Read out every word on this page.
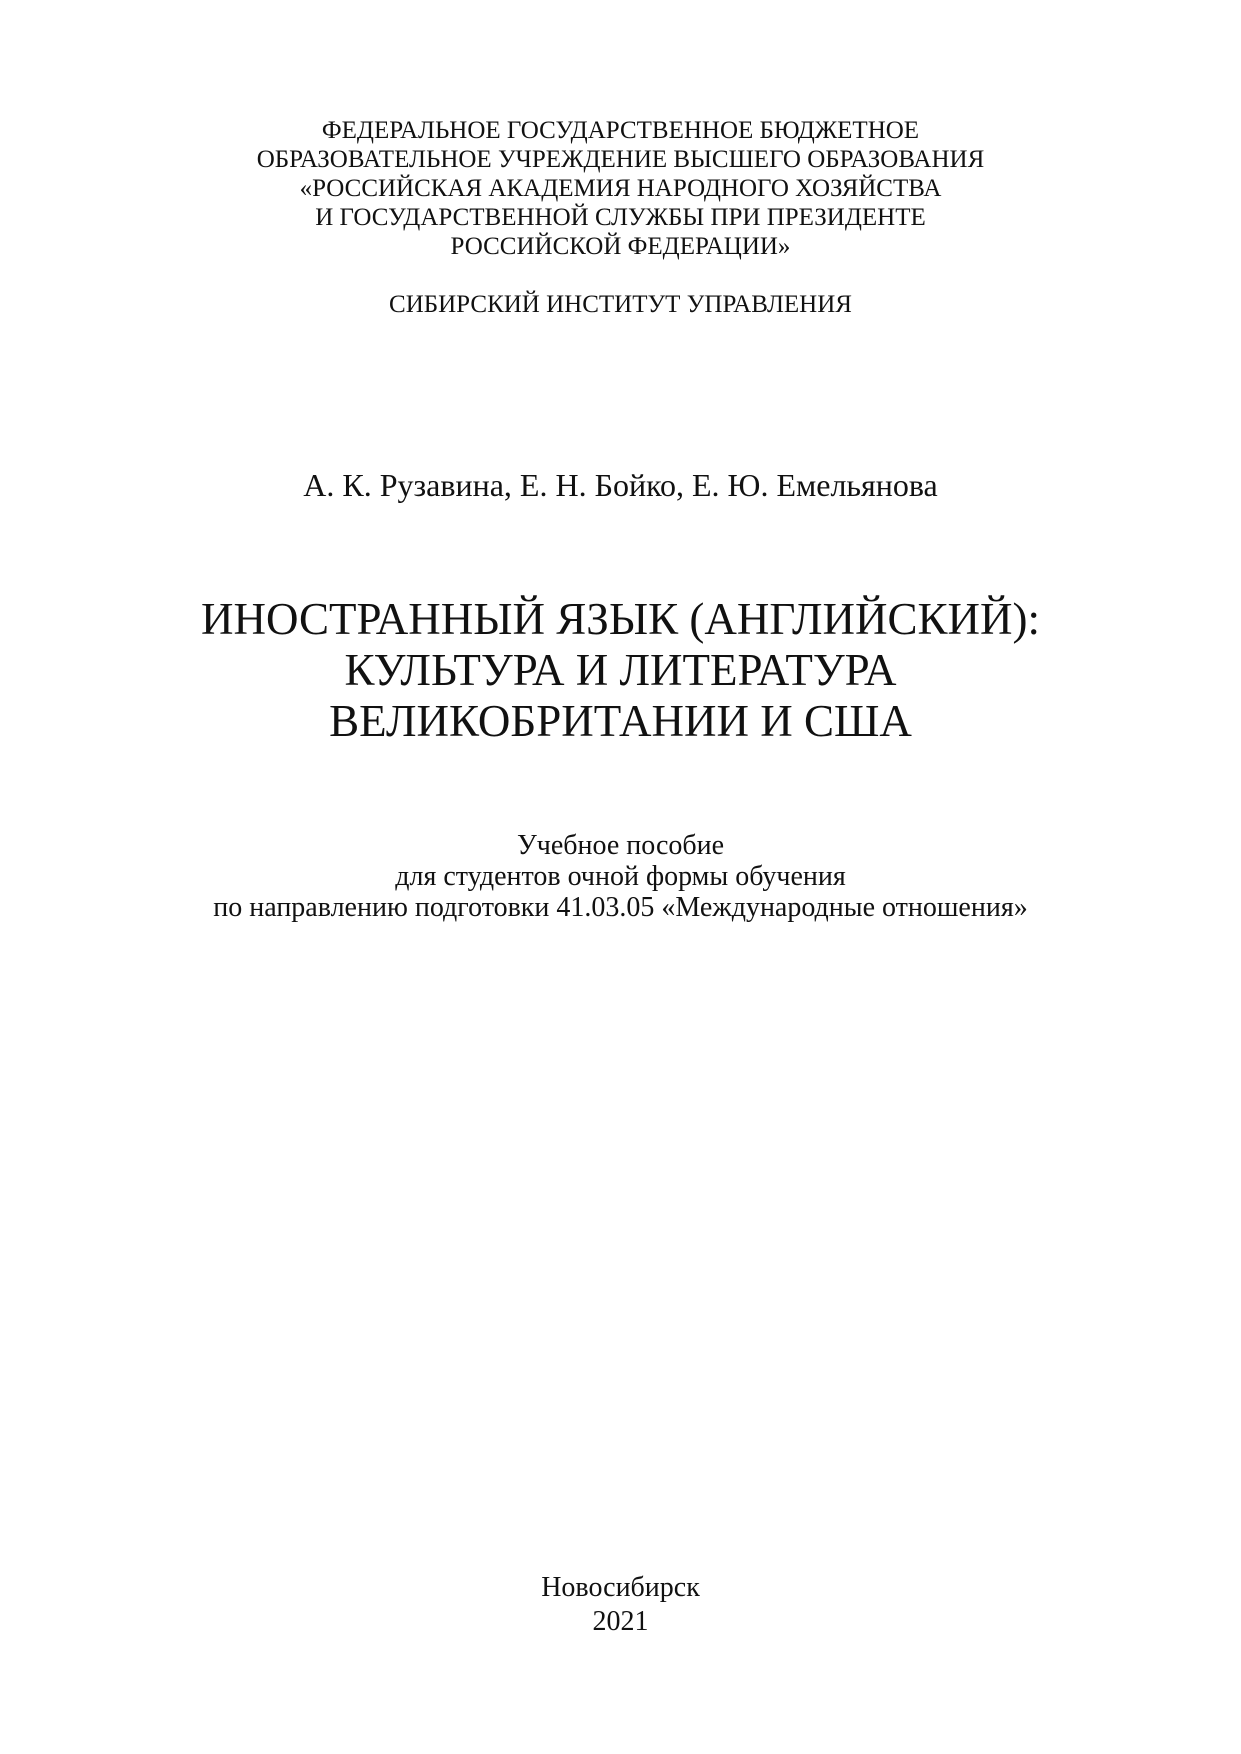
ФЕДЕРАЛЬНОЕ ГОСУДАРСТВЕННОЕ БЮДЖЕТНОЕ
ОБРАЗОВАТЕЛЬНОЕ УЧРЕЖДЕНИЕ ВЫСШЕГО ОБРАЗОВАНИЯ
«РОССИЙСКАЯ АКАДЕМИЯ НАРОДНОГО ХОЗЯЙСТВА
И ГОСУДАРСТВЕННОЙ СЛУЖБЫ ПРИ ПРЕЗИДЕНТЕ
РОССИЙСКОЙ ФЕДЕРАЦИИ»
СИБИРСКИЙ ИНСТИТУТ УПРАВЛЕНИЯ
А. К. Рузавина, Е. Н. Бойко, Е. Ю. Емельянова
ИНОСТРАННЫЙ ЯЗЫК (АНГЛИЙСКИЙ):
КУЛЬТУРА И ЛИТЕРАТУРА
ВЕЛИКОБРИТАНИИ И США
Учебное пособие
для студентов очной формы обучения
по направлению подготовки 41.03.05 «Международные отношения»
Новосибирск
2021
